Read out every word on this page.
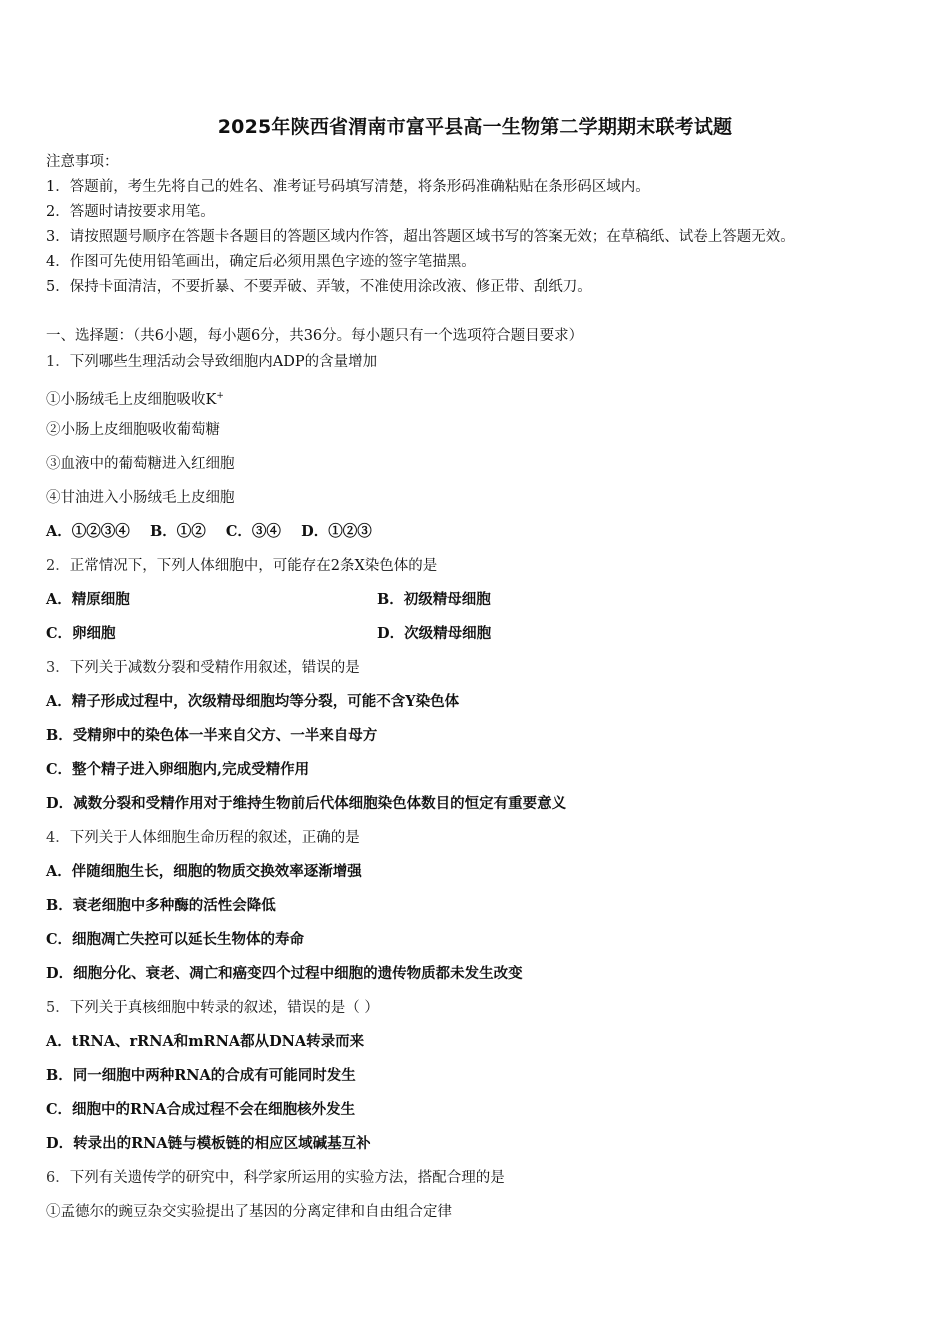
2025年陕西省渭南市富平县高一生物第二学期期末联考试题
注意事项：
1．答题前，考生先将自己的姓名、准考证号码填写清楚，将条形码准确粘贴在条形码区域内。
2．答题时请按要求用笔。
3．请按照题号顺序在答题卡各题目的答题区域内作答，超出答题区域书写的答案无效；在草稿纸、试卷上答题无效。
4．作图可先使用铅笔画出，确定后必须用黑色字迹的签字笔描黑。
5．保持卡面清洁，不要折暴、不要弄破、弄皱，不准使用涂改液、修正带、刮纸刀。
一、选择题：（共6小题，每小题6分，共36分。每小题只有一个选项符合题目要求）
1．下列哪些生理活动会导致细胞内ADP的含量增加
①小肠绒毛上皮细胞吸收K+
②小肠上皮细胞吸收葡萄糖
③血液中的葡萄糖进入红细胞
④甘油进入小肠绒毛上皮细胞
A．①②③④    B．①②    C．③④    D．①②③
2．正常情况下，下列人体细胞中，可能存在2条X染色体的是
A．精原细胞	B．初级精母细胞
C．卵细胞	D．次级精母细胞
3．下列关于减数分裂和受精作用叙述，错误的是
A．精子形成过程中，次级精母细胞均等分裂，可能不含Y染色体
B．受精卵中的染色体一半来自父方、一半来自母方
C．整个精子进入卵细胞内,完成受精作用
D．减数分裂和受精作用对于维持生物前后代体细胞染色体数目的恒定有重要意义
4．下列关于人体细胞生命历程的叙述，正确的是
A．伴随细胞生长，细胞的物质交换效率逐渐增强
B．衰老细胞中多种酶的活性会降低
C．细胞凋亡失控可以延长生物体的寿命
D．细胞分化、衰老、凋亡和癌变四个过程中细胞的遗传物质都未发生改变
5．下列关于真核细胞中转录的叙述，错误的是（ ）
A．tRNA、rRNA和mRNA都从DNA转录而来
B．同一细胞中两种RNA的合成有可能同时发生
C．细胞中的RNA合成过程不会在细胞核外发生
D．转录出的RNA链与模板链的相应区域碱基互补
6．下列有关遗传学的研究中，科学家所运用的实验方法，搭配合理的是
①孟德尔的豌豆杂交实验提出了基因的分离定律和自由组合定律
